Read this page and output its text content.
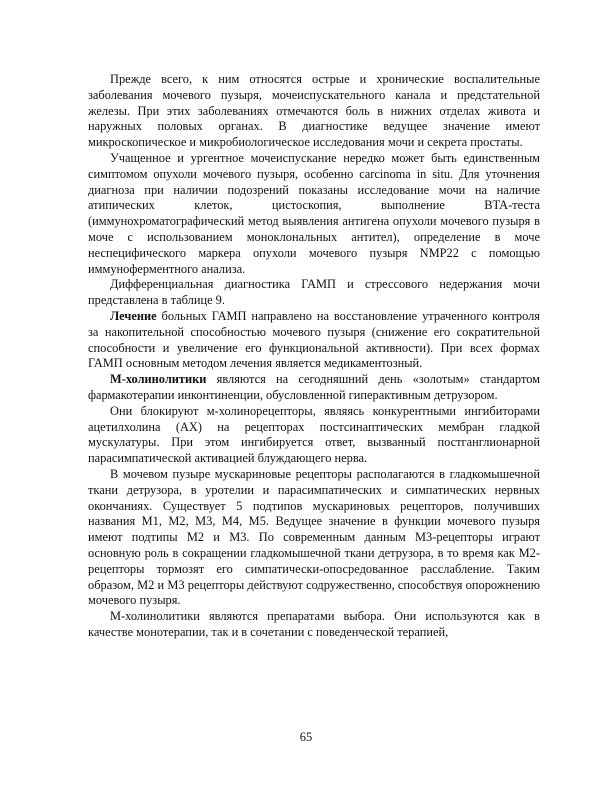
Прежде всего, к ним относятся острые и хронические воспалительные заболевания мочевого пузыря, мочеиспускательного канала и предстательной железы. При этих заболеваниях отмечаются боль в нижних отделах живота и наружных половых органах. В диагностике ведущее значение имеют микроскопическое и микробиологическое исследования мочи и секрета простаты.

Учащенное и ургентное мочеиспускание нередко может быть единственным симптомом опухоли мочевого пузыря, особенно carcinoma in situ. Для уточнения диагноза при наличии подозрений показаны исследование мочи на наличие атипических клеток, цистоскопия, выполнение BTA-теста (иммунохроматографический метод выявления антигена опухоли мочевого пузыря в моче с использованием моноклональных антител), определение в моче неспецифического маркера опухоли мочевого пузыря NMP22 с помощью иммуноферментного анализа.

Дифференциальная диагностика ГАМП и стрессового недержания мочи представлена в таблице 9.

Лечение больных ГАМП направлено на восстановление утраченного контроля за накопительной способностью мочевого пузыря (снижение его сократительной способности и увеличение его функциональной активности). При всех формах ГАМП основным методом лечения является медикаментозный.

М-холинолитики являются на сегодняшний день «золотым» стандартом фармакотерапии инконтиненции, обусловленной гиперактивным детрузором.

Они блокируют м-холинорецепторы, являясь конкурентными ингибиторами ацетилхолина (АХ) на рецепторах постсинаптических мембран гладкой мускулатуры. При этом ингибируется ответ, вызванный постганглионарной парасимпатической активацией блуждающего нерва.

В мочевом пузыре мускариновые рецепторы располагаются в гладкомышечной ткани детрузора, в уротелии и парасимпатических и симпатических нервных окончаниях. Существует 5 подтипов мускариновых рецепторов, получивших названия М1, М2, М3, М4, М5. Ведущее значение в функции мочевого пузыря имеют подтипы М2 и М3. По современным данным М3-рецепторы играют основную роль в сокращении гладкомышечной ткани детрузора, в то время как М2-рецепторы тормозят его симпатически-опосредованное расслабление. Таким образом, М2 и М3 рецепторы действуют содружественно, способствуя опорожнению мочевого пузыря.

М-холинолитики являются препаратами выбора. Они используются как в качестве монотерапии, так и в сочетании с поведенческой терапией,

65
